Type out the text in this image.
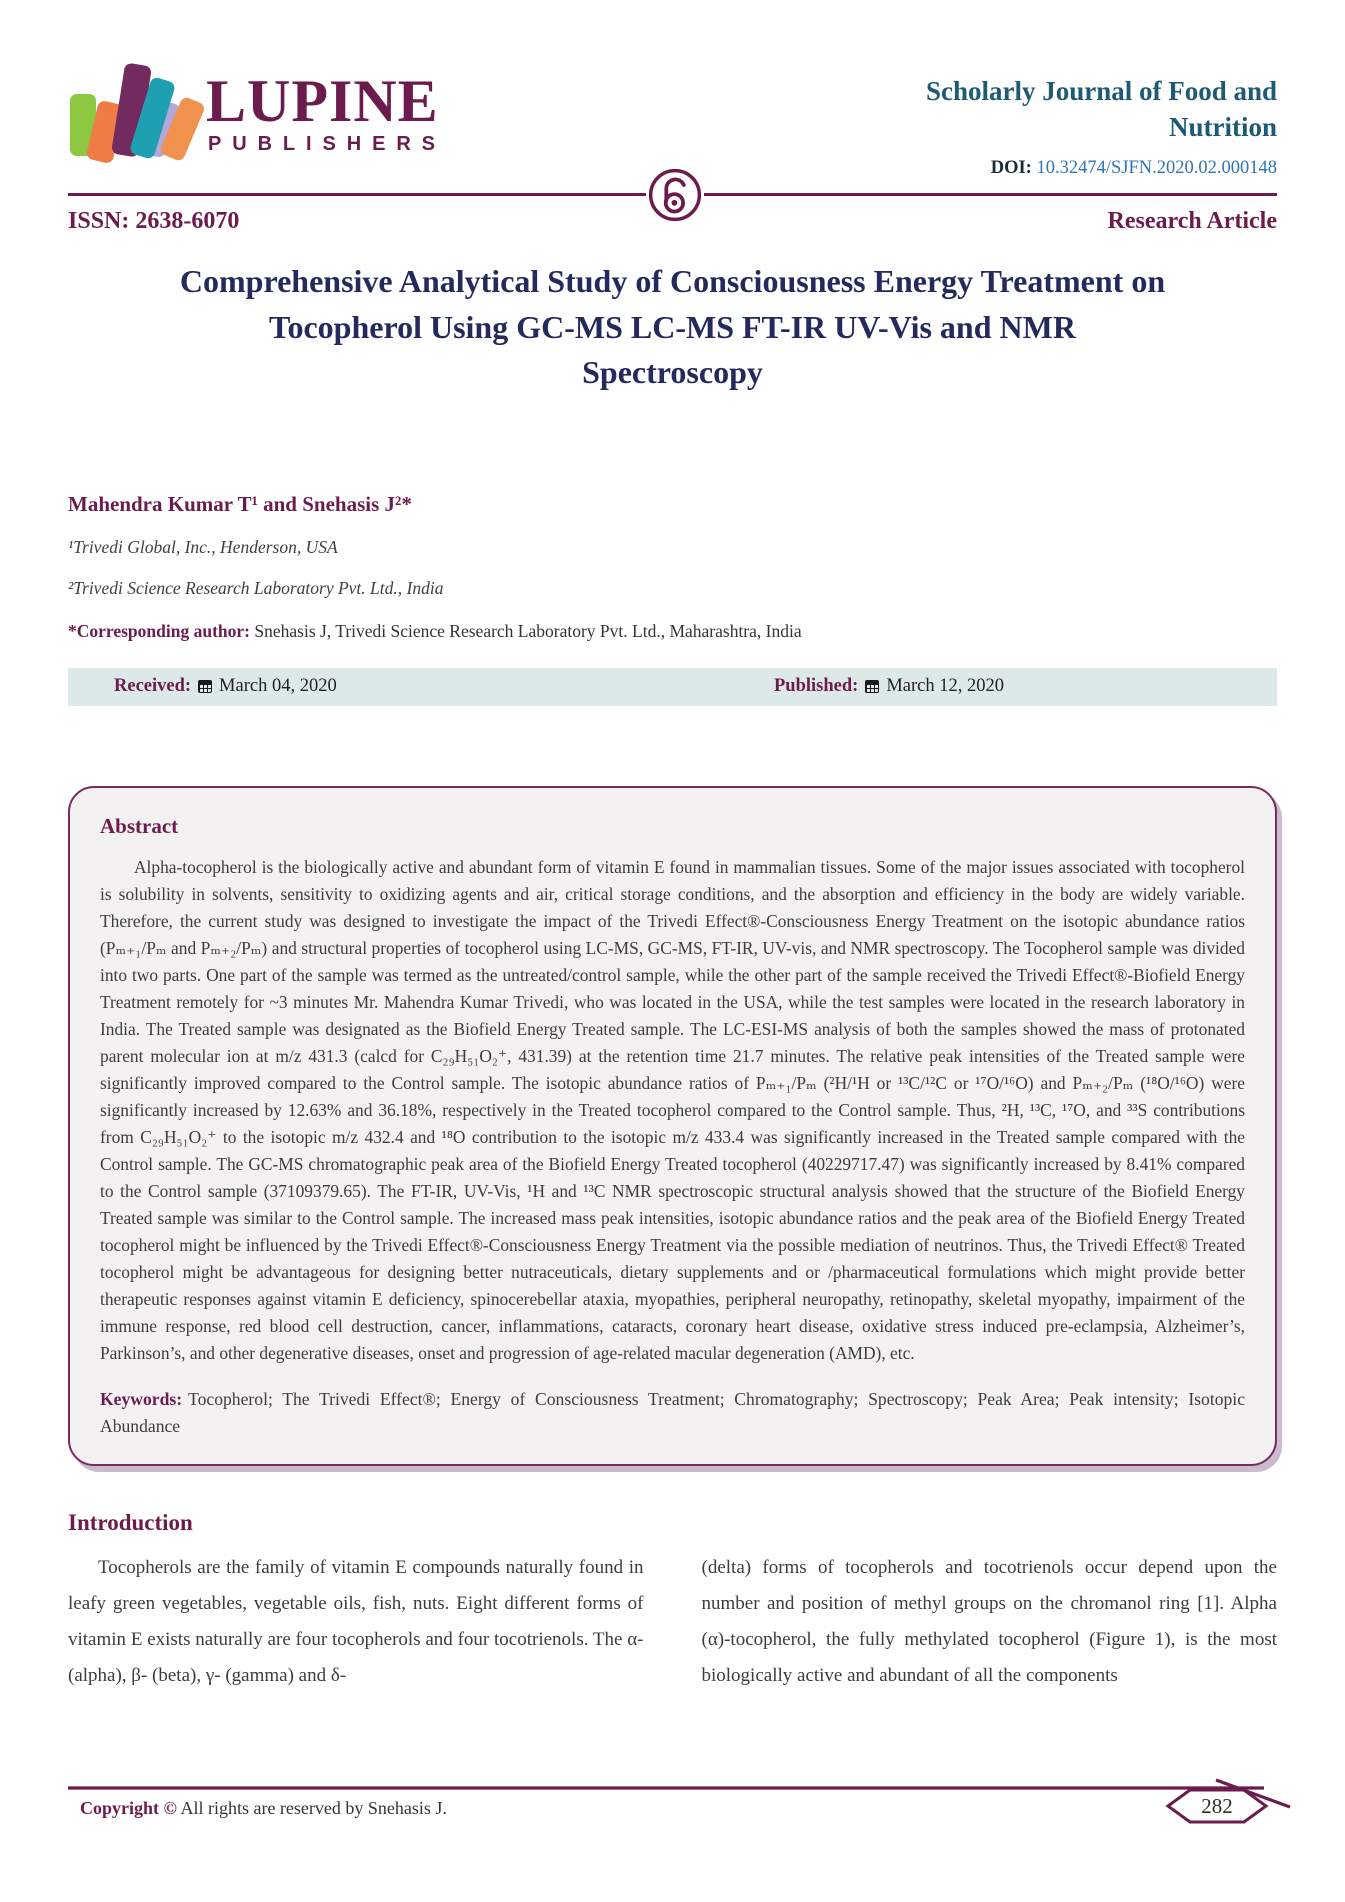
LUPINE
PUBLISHERS
Scholarly Journal of Food and Nutrition
DOI: 10.32474/SJFN.2020.02.000148
ISSN: 2638-6070	Research Article
Comprehensive Analytical Study of Consciousness Energy Treatment on Tocopherol Using GC-MS LC-MS FT-IR UV-Vis and NMR Spectroscopy
Mahendra Kumar T¹ and Snehasis J²*
¹Trivedi Global, Inc., Henderson, USA
²Trivedi Science Research Laboratory Pvt. Ltd., India
*Corresponding author: Snehasis J, Trivedi Science Research Laboratory Pvt. Ltd., Maharashtra, India
Received: March 04, 2020	Published: March 12, 2020
Abstract

Alpha-tocopherol is the biologically active and abundant form of vitamin E found in mammalian tissues. Some of the major issues associated with tocopherol is solubility in solvents, sensitivity to oxidizing agents and air, critical storage conditions, and the absorption and efficiency in the body are widely variable. Therefore, the current study was designed to investigate the impact of the Trivedi Effect®-Consciousness Energy Treatment on the isotopic abundance ratios (Pₘ₊₁/Pₘ and Pₘ₊₂/Pₘ) and structural properties of tocopherol using LC-MS, GC-MS, FT-IR, UV-vis, and NMR spectroscopy. The Tocopherol sample was divided into two parts. One part of the sample was termed as the untreated/control sample, while the other part of the sample received the Trivedi Effect®-Biofield Energy Treatment remotely for ~3 minutes Mr. Mahendra Kumar Trivedi, who was located in the USA, while the test samples were located in the research laboratory in India. The Treated sample was designated as the Biofield Energy Treated sample. The LC-ESI-MS analysis of both the samples showed the mass of protonated parent molecular ion at m/z 431.3 (calcd for C₂₉H₅₁O₂⁺, 431.39) at the retention time 21.7 minutes. The relative peak intensities of the Treated sample were significantly improved compared to the Control sample. The isotopic abundance ratios of Pₘ₊₁/Pₘ (²H/¹H or ¹³C/¹²C or ¹⁷O/¹⁶O) and Pₘ₊₂/Pₘ (¹⁸O/¹⁶O) were significantly increased by 12.63% and 36.18%, respectively in the Treated tocopherol compared to the Control sample. Thus, ²H, ¹³C, ¹⁷O, and ³³S contributions from C₂₉H₅₁O₂⁺ to the isotopic m/z 432.4 and ¹⁸O contribution to the isotopic m/z 433.4 was significantly increased in the Treated sample compared with the Control sample. The GC-MS chromatographic peak area of the Biofield Energy Treated tocopherol (40229717.47) was significantly increased by 8.41% compared to the Control sample (37109379.65). The FT-IR, UV-Vis, ¹H and ¹³C NMR spectroscopic structural analysis showed that the structure of the Biofield Energy Treated sample was similar to the Control sample. The increased mass peak intensities, isotopic abundance ratios and the peak area of the Biofield Energy Treated tocopherol might be influenced by the Trivedi Effect®-Consciousness Energy Treatment via the possible mediation of neutrinos. Thus, the Trivedi Effect® Treated tocopherol might be advantageous for designing better nutraceuticals, dietary supplements and or /pharmaceutical formulations which might provide better therapeutic responses against vitamin E deficiency, spinocerebellar ataxia, myopathies, peripheral neuropathy, retinopathy, skeletal myopathy, impairment of the immune response, red blood cell destruction, cancer, inflammations, cataracts, coronary heart disease, oxidative stress induced pre-eclampsia, Alzheimer’s, Parkinson’s, and other degenerative diseases, onset and progression of age-related macular degeneration (AMD), etc.

Keywords: Tocopherol; The Trivedi Effect®; Energy of Consciousness Treatment; Chromatography; Spectroscopy; Peak Area; Peak intensity; Isotopic Abundance

Introduction

Tocopherols are the family of vitamin E compounds naturally found in leafy green vegetables, vegetable oils, fish, nuts. Eight different forms of vitamin E exists naturally are four tocopherols and four tocotrienols. The α- (alpha), β- (beta), γ- (gamma) and δ-

(delta) forms of tocopherols and tocotrienols occur depend upon the number and position of methyl groups on the chromanol ring [1]. Alpha (α)-tocopherol, the fully methylated tocopherol (Figure 1), is the most biologically active and abundant of all the components

282
Copyright © All rights are reserved by Snehasis J.
